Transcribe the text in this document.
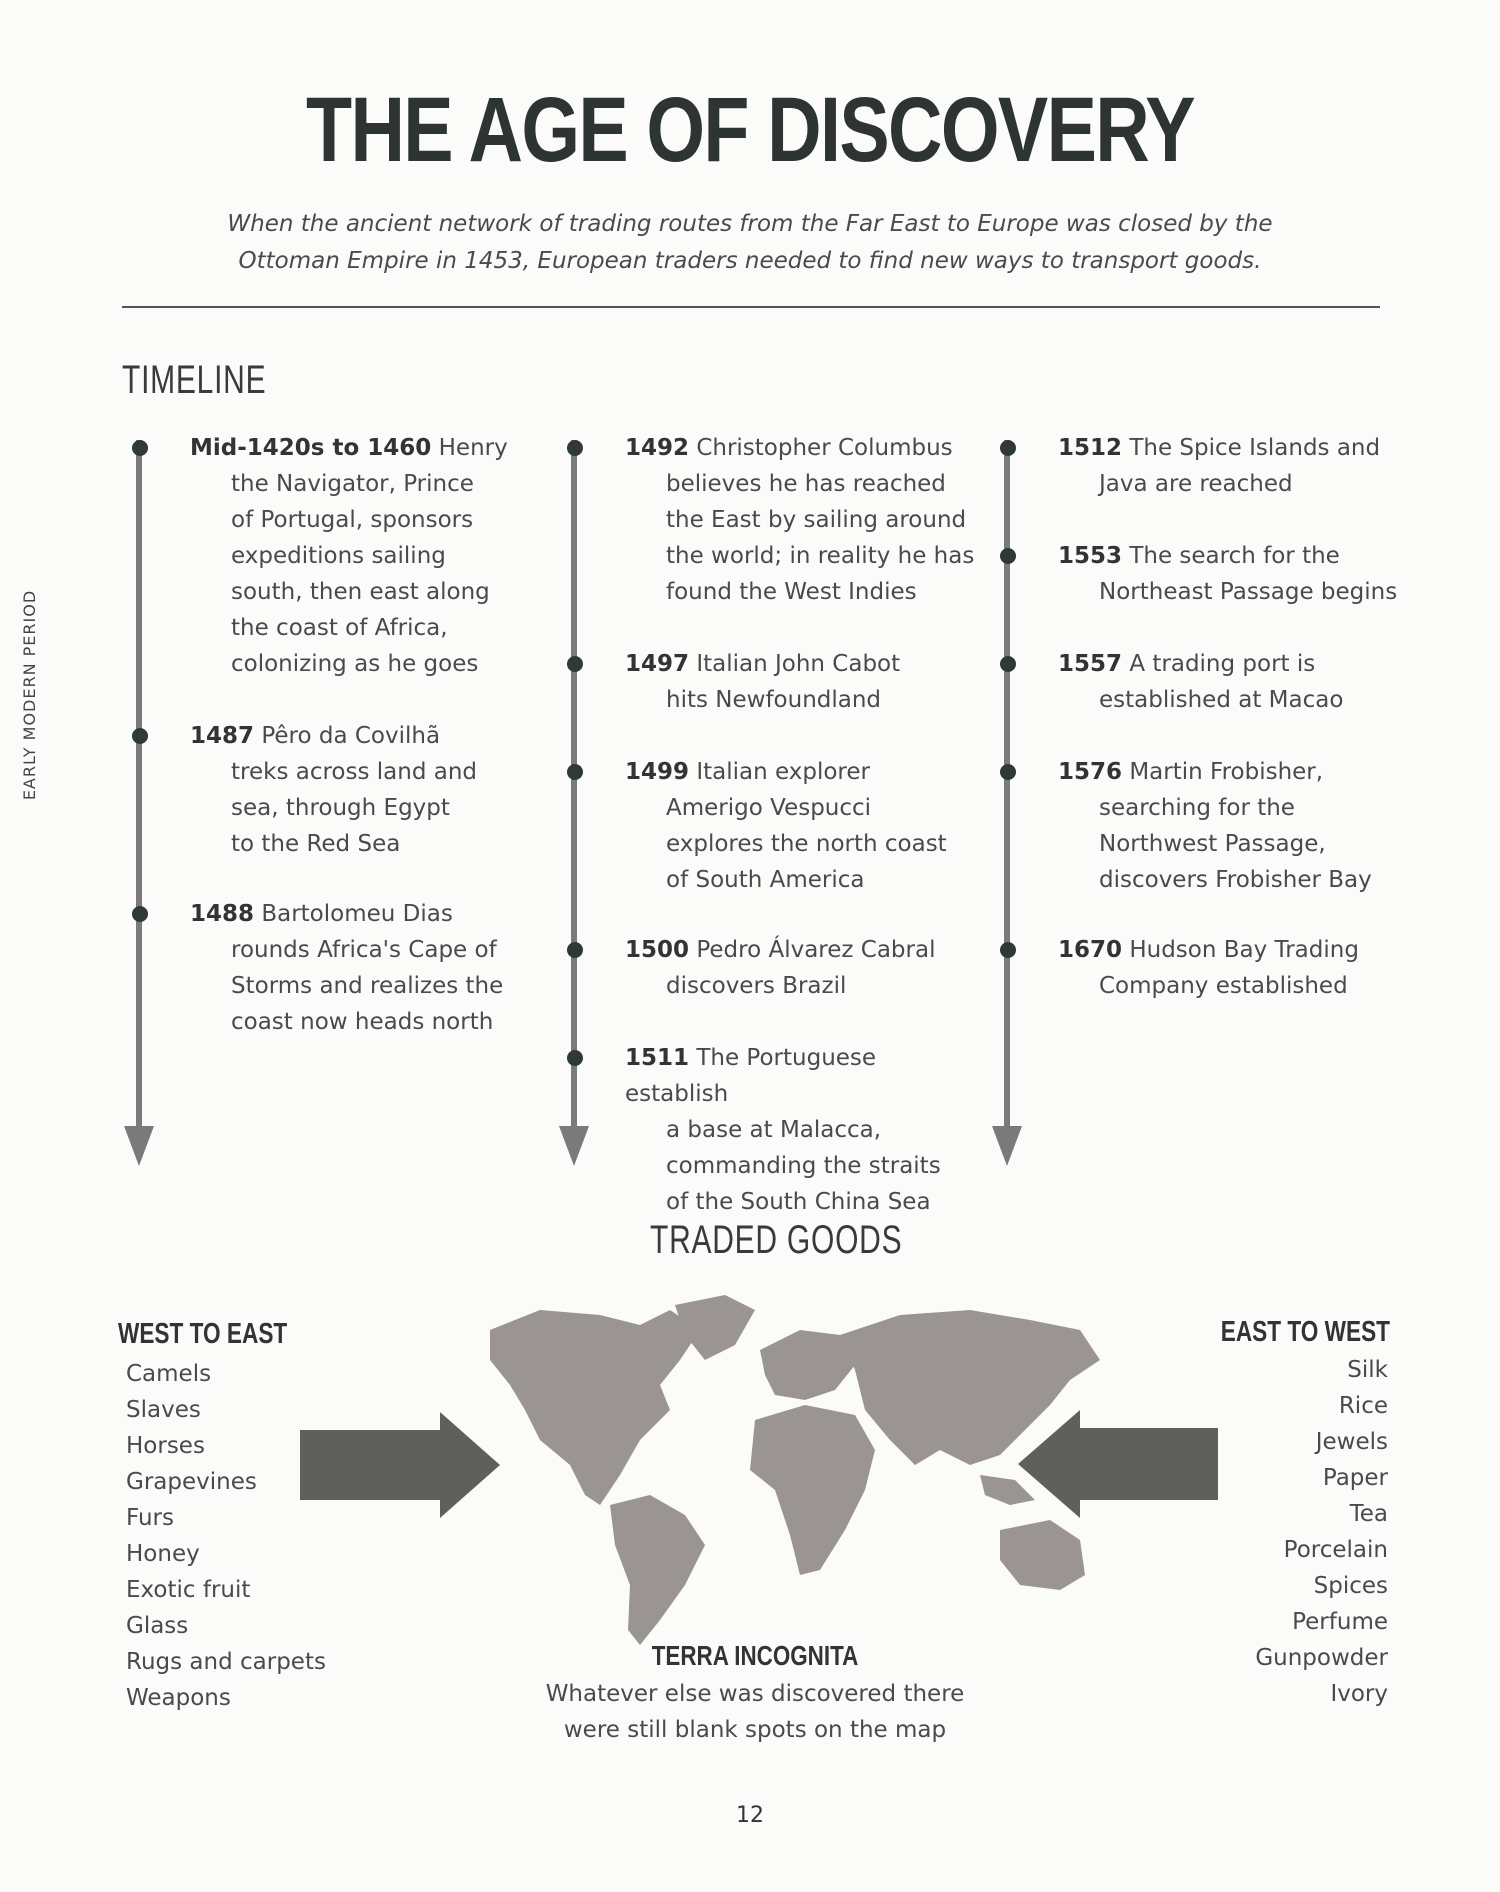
THE AGE OF DISCOVERY
When the ancient network of trading routes from the Far East to Europe was closed by the
Ottoman Empire in 1453, European traders needed to find new ways to transport goods.
EARLY MODERN PERIOD
TIMELINE
Mid-1420s to 1460 Henry
the Navigator, Prince
of Portugal, sponsors
expeditions sailing
south, then east along
the coast of Africa,
colonizing as he goes
1487 Pêro da Covilhã
treks across land and
sea, through Egypt
to the Red Sea
1488 Bartolomeu Dias
rounds Africa's Cape of
Storms and realizes the
coast now heads north
1492 Christopher Columbus
believes he has reached
the East by sailing around
the world; in reality he has
found the West Indies
1497 Italian John Cabot
hits Newfoundland
1499 Italian explorer
Amerigo Vespucci
explores the north coast
of South America
1500 Pedro Álvarez Cabral
discovers Brazil
1511 The Portuguese establish
a base at Malacca,
commanding the straits
of the South China Sea
1512 The Spice Islands and
Java are reached
1553 The search for the
Northeast Passage begins
1557 A trading port is
established at Macao
1576 Martin Frobisher,
searching for the
Northwest Passage,
discovers Frobisher Bay
1670 Hudson Bay Trading
Company established
TRADED GOODS
WEST TO EAST
Camels
Slaves
Horses
Grapevines
Furs
Honey
Exotic fruit
Glass
Rugs and carpets
Weapons
EAST TO WEST
Silk
Rice
Jewels
Paper
Tea
Porcelain
Spices
Perfume
Gunpowder
Ivory
TERRA INCOGNITA
Whatever else was discovered there
were still blank spots on the map
12
